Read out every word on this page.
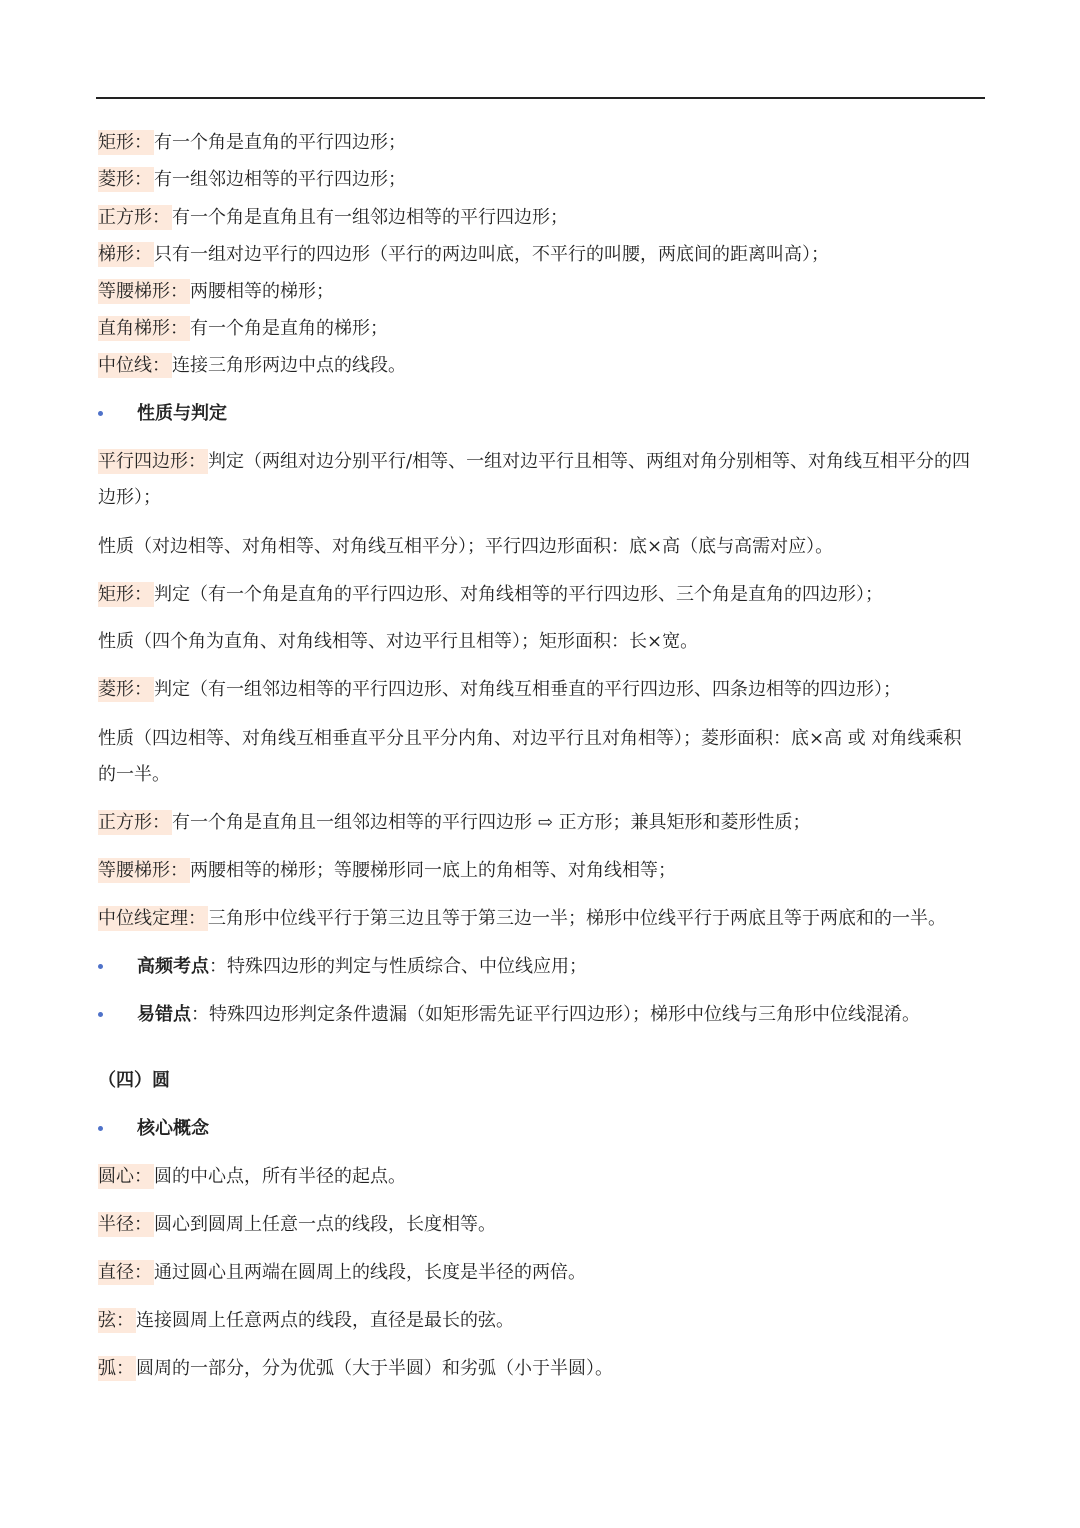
矩形： 有一个角是直角的平行四边形；
菱形： 有一组邻边相等的平行四边形；
正方形： 有一个角是直角且有一组邻边相等的平行四边形；
梯形： 只有一组对边平行的四边形（平行的两边叫底，不平行的叫腰，两底间的距离叫高）；
等腰梯形： 两腰相等的梯形；
直角梯形： 有一个角是直角的梯形；
中位线： 连接三角形两边中点的线段。
性质与判定
平行四边形： 判定（两组对边分别平行/相等、一组对边平行且相等、两组对角分别相等、对角线互相平分的四边形）；
性质（对边相等、对角相等、对角线互相平分）；平行四边形面积：底×高（底与高需对应）。
矩形： 判定（有一个角是直角的平行四边形、对角线相等的平行四边形、三个角是直角的四边形）；
性质（四个角为直角、对角线相等、对边平行且相等）；矩形面积：长×宽。
菱形： 判定（有一组邻边相等的平行四边形、对角线互相垂直的平行四边形、四条边相等的四边形）；
性质（四边相等、对角线互相垂直平分且平分内角、对边平行且对角相等）；菱形面积：底×高 或 对角线乘积的一半。
正方形： 有一个角是直角且一组邻边相等的平行四边形 ⇨ 正方形；兼具矩形和菱形性质；
等腰梯形： 两腰相等的梯形；等腰梯形同一底上的角相等、对角线相等；
中位线定理： 三角形中位线平行于第三边且等于第三边一半；梯形中位线平行于两底且等于两底和的一半。
高频考点：特殊四边形的判定与性质综合、中位线应用；
易错点：特殊四边形判定条件遗漏（如矩形需先证平行四边形）；梯形中位线与三角形中位线混淆。
（四）圆
核心概念
圆心： 圆的中心点，所有半径的起点。
半径： 圆心到圆周上任意一点的线段，长度相等。
直径： 通过圆心且两端在圆周上的线段，长度是半径的两倍。
弦： 连接圆周上任意两点的线段，直径是最长的弦。
弧： 圆周的一部分，分为优弧（大于半圆）和劣弧（小于半圆）。
